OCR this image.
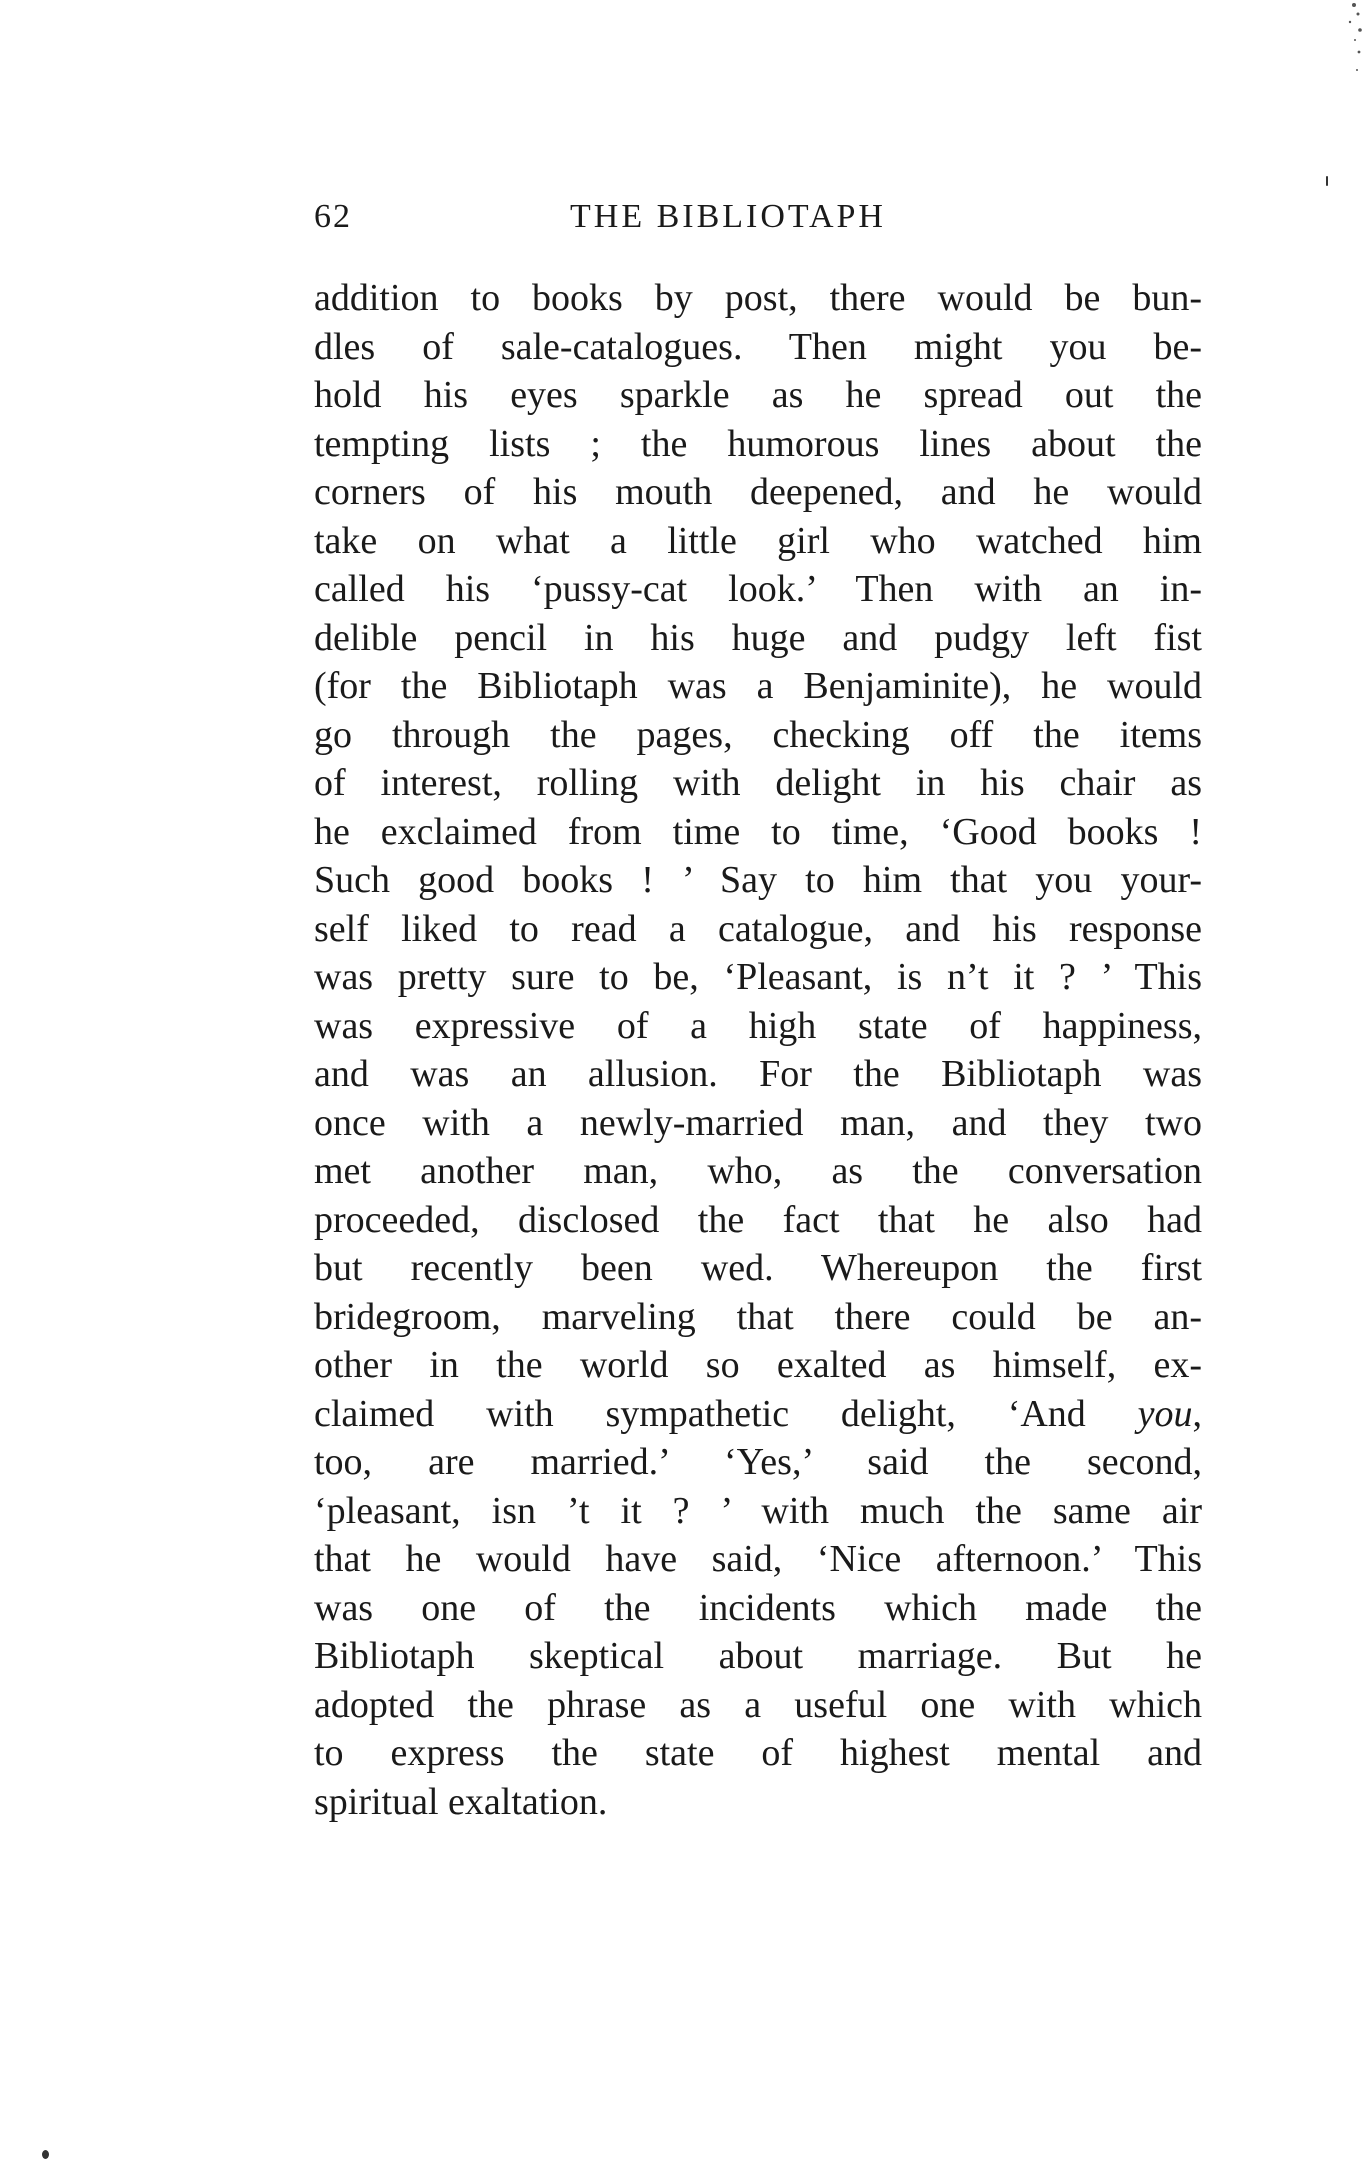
62	THE BIBLIOTAPH
addition to books by post, there would be bun-
dles of sale-catalogues. Then might you be-
hold his eyes sparkle as he spread out the
tempting lists ; the humorous lines about the
corners of his mouth deepened, and he would
take on what a little girl who watched him
called his ‘pussy-cat look.’ Then with an in-
delible pencil in his huge and pudgy left fist
(for the Bibliotaph was a Benjaminite), he would
go through the pages, checking off the items
of interest, rolling with delight in his chair as
he exclaimed from time to time, ‘Good books !
Such good books ! ’ Say to him that you your-
self liked to read a catalogue, and his response
was pretty sure to be, ‘Pleasant, is n’t it ? ’ This
was expressive of a high state of happiness,
and was an allusion. For the Bibliotaph was
once with a newly-married man, and they two
met another man, who, as the conversation
proceeded, disclosed the fact that he also had
but recently been wed. Whereupon the first
bridegroom, marveling that there could be an-
other in the world so exalted as himself, ex-
claimed with sympathetic delight, ‘And you,
too, are married.’ ‘Yes,’ said the second,
‘pleasant, isn ’t it ? ’ with much the same air
that he would have said, ‘Nice afternoon.’ This
was one of the incidents which made the
Bibliotaph skeptical about marriage. But he
adopted the phrase as a useful one with which
to express the state of highest mental and
spiritual exaltation.
